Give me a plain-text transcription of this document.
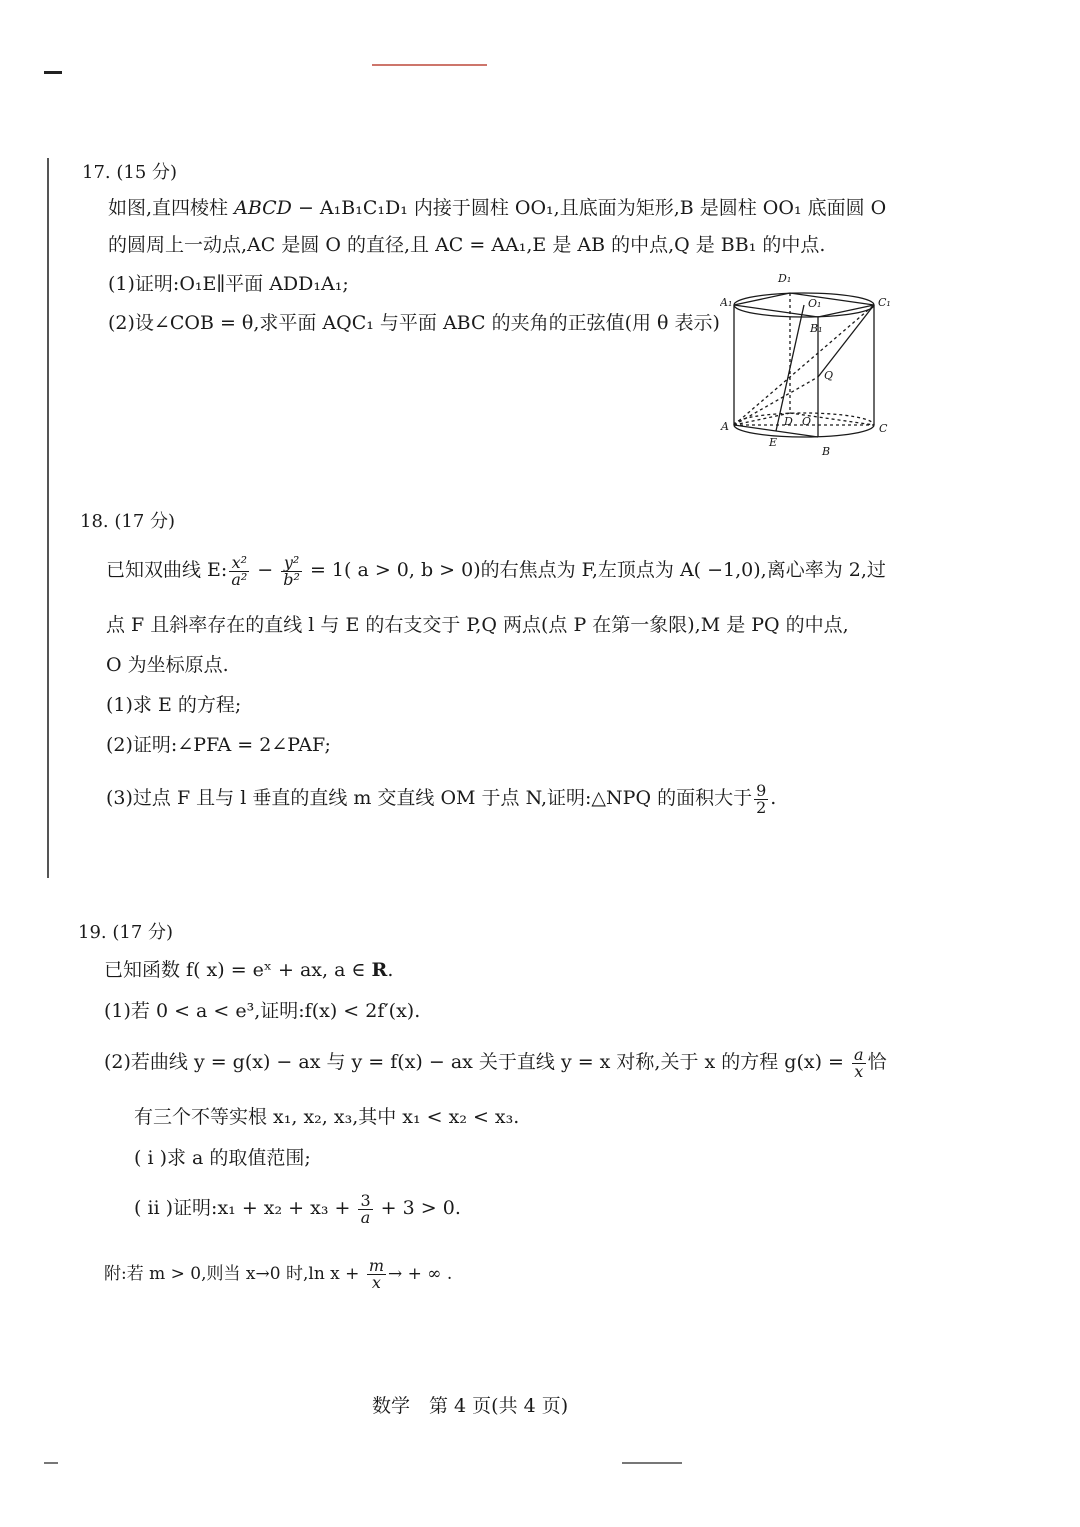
17. (15 分)
如图,直四棱柱 ABCD − A₁B₁C₁D₁ 内接于圆柱 OO₁,且底面为矩形,B 是圆柱 OO₁ 底面圆 O
的圆周上一动点,AC 是圆 O 的直径,且 AC = AA₁,E 是 AB 的中点,Q 是 BB₁ 的中点.
(1)证明:O₁E∥平面 ADD₁A₁;
(2)设∠COB = θ,求平面 AQC₁ 与平面 ABC 的夹角的正弦值(用 θ 表示)
D₁
A₁	O₁	C₁
B₁
Q
A	D O
C
E
B
18. (17 分)
已知双曲线 E: $\frac{\text{x²}}{\text{a²}} - \frac{\text{y²}}{\text{b²}} = 1$( a > 0, b > 0)的右焦点为 F,左顶点为 A( −1,0),离心率为 2,过
点 F 且斜率存在的直线 l 与 E 的右支交于 P,Q 两点(点 P 在第一象限),M 是 PQ 的中点,
O 为坐标原点.
(1)求 E 的方程;
(2)证明:∠PFA = 2∠PAF;
(3)过点 F 且与 l 垂直的直线 m 交直线 OM 于点 N,证明:△NPQ 的面积大于 $\frac{9}{2}$ .
19. (17 分)
已知函数 f( x) = eˣ + ax, a ∈ R.
(1)若 0 < a < e³,证明:f(x) < 2f′(x).
(2)若曲线 y = g(x) − ax 与 y = f(x) − ax 关于直线 y = x 对称,关于 x 的方程 $g(x) = \frac{a}{x}$ 恰
有三个不等实根 x₁, x₂, x₃,其中 x₁ < x₂ < x₃.
( ⅰ )求 a 的取值范围;
( ⅱ )证明:x₁ + $x_2 + x_3 + \frac{3}{a} + 3 > 0$.
附:若 m > 0,则当 x→0 时,ln $x + \frac{m}{x}$ → + ∞ .
数学　第 4 页(共 4 页)
